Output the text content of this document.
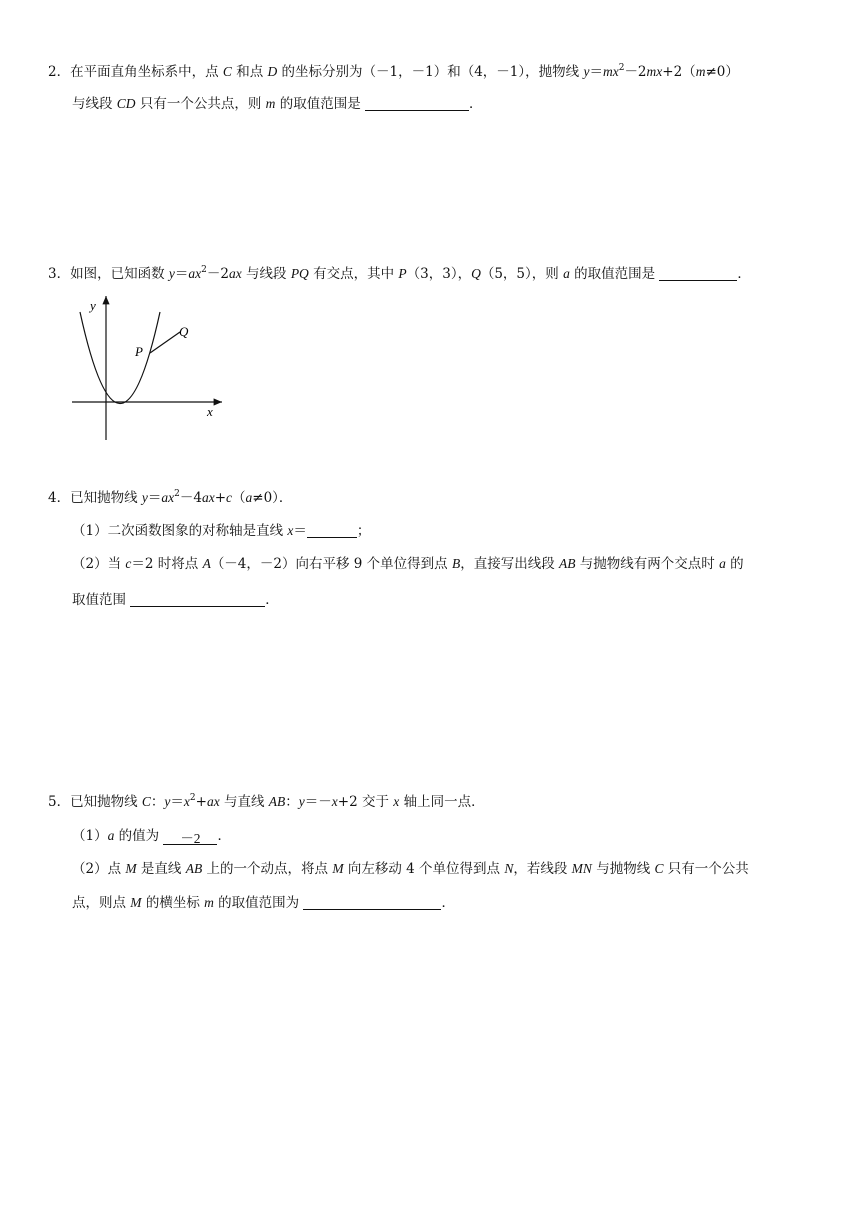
2．在平面直角坐标系中，点 C 和点 D 的坐标分别为（－1，－1）和（4，－1），抛物线 $y=mx^2-2mx+2(m\ne 0)$
与线段 CD 只有一个公共点，则 m 的取值范围是	．
3．如图，已知函数 $y=ax^2-2ax$ 与线段 PQ 有交点，其中 P（3，3），Q（5，5），则 a 的取值范围是	．
y
x
P
Q
4．已知抛物线 $y=ax^2-4ax+c(a\ne 0)$．
（1）二次函数图象的对称轴是直线 x＝	；
（2）当 c＝2 时将点 A（－4，－2）向右平移 9 个单位得到点 B，直接写出线段 AB 与抛物线有两个交点时 a 的
取值范围	．
5．已知抛物线 C：$y=x^2+ax$ 与直线 AB：y＝－x+2 交于 x 轴上同一点．
（1）a 的值为 －2 ．
（2）点 M 是直线 AB 上的一个动点，将点 M 向左移动 4 个单位得到点 N，若线段 MN 与抛物线 C 只有一个公共
点，则点 M 的横坐标 m 的取值范围为	．
